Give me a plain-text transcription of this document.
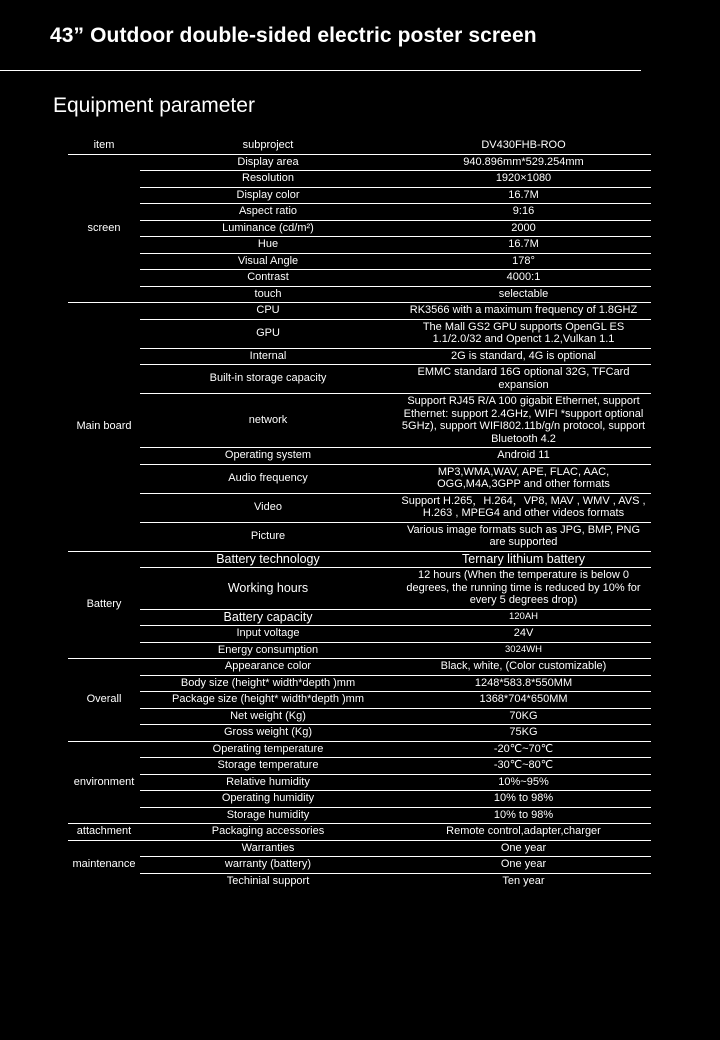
43” Outdoor double-sided electric poster screen
Equipment parameter
item	subproject	DV430FHB-ROO
screen	Display area	940.896mm*529.254mm
	Resolution	1920×1080
	Display color	16.7M
	Aspect ratio	9:16
	Luminance (cd/m²)	2000
	Hue	16.7M
	Visual Angle	178°
	Contrast	4000:1
	touch	selectable
Main board	CPU	RK3566 with a maximum frequency of 1.8GHZ
	GPU	The Mall GS2 GPU supports OpenGL ES 1.1/2.0/32 and Openct 1.2,Vulkan 1.1
	Internal	2G is standard, 4G is optional
	Built-in storage capacity	EMMC standard 16G optional 32G, TFCard expansion
	network	Support RJ45 R/A 100 gigabit Ethernet, support Ethernet: support 2.4GHz, WIFI *support optional 5GHz), support WIFI802.11b/g/n protocol, support Bluetooth 4.2
	Operating system	Android 11
	Audio frequency	MP3,WMA,WAV, APE, FLAC, AAC, OGG,M4A,3GPP and other formats
	Video	Support H.265，H.264，VP8, MAV , WMV , AVS , H.263 , MPEG4 and other videos formats
	Picture	Various image formats such as JPG, BMP, PNG are supported
Battery	Battery technology	Ternary lithium battery
	Working hours	12 hours (When the temperature is below 0 degrees, the running time is reduced by 10% for every 5 degrees drop)
	Battery capacity	120AH
	Input voltage	24V
	Energy consumption	3024WH
Overall	Appearance color	Black, white, (Color customizable)
	Body size (height* width*depth )mm	1248*583.8*550MM
	Package size (height* width*depth )mm	1368*704*650MM
	Net weight (Kg)	70KG
	Gross weight (Kg)	75KG
environment	Operating temperature	-20℃~70℃
	Storage temperature	-30℃~80℃
	Relative humidity	10%~95%
	Operating humidity	10% to 98%
	Storage humidity	10% to 98%
attachment	Packaging accessories	Remote control,adapter,charger
maintenance	Warranties	One year
	warranty (battery)	One year
	Techinial support	Ten year
